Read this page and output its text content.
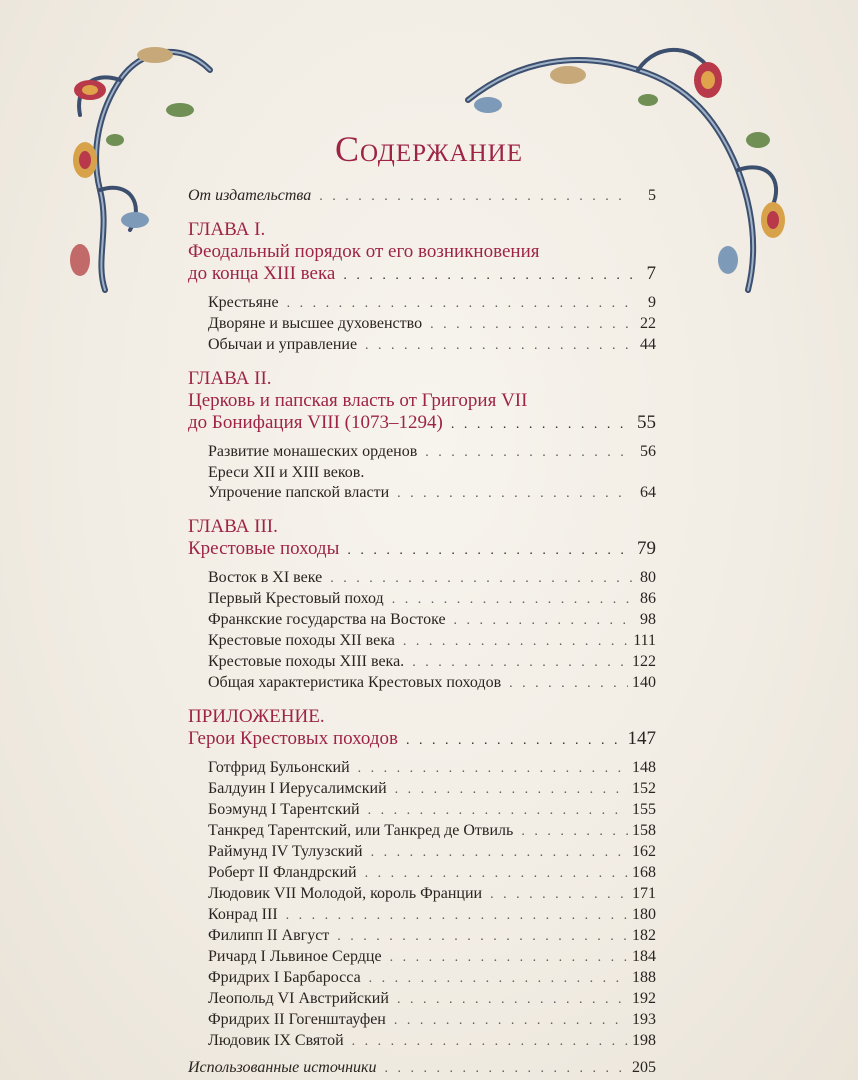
Содержание
От издательства . . .	5
ГЛАВА I.
Феодальный порядок от его возникновения
до конца XIII века . . .	7
Крестьяне . . .	9
Дворяне и высшее духовенство . . .	22
Обычаи и управление . . .	44
ГЛАВА II.
Церковь и папская власть от Григория VII
до Бонифация VIII (1073–1294) . . .	55
Развитие монашеских орденов . . .	56
Ереси XII и XIII веков.
Упрочение папской власти . . .	64
ГЛАВА III.
Крестовые походы . . .	79
Восток в XI веке . . .	80
Первый Крестовый поход . . .	86
Франкские государства на Востоке . . .	98
Крестовые походы XII века . . .	111
Крестовые походы XIII века. . . .	122
Общая характеристика Крестовых походов . . .	140
ПРИЛОЖЕНИЕ.
Герои Крестовых походов . . .	147
Готфрид Бульонский . . .	148
Балдуин I Иерусалимский . . .	152
Боэмунд I Тарентский . . .	155
Танкред Тарентский, или Танкред де Отвиль . . .	158
Раймунд IV Тулузский . . .	162
Роберт II Фландрский . . .	168
Людовик VII Молодой, король Франции . . .	171
Конрад III . . .	180
Филипп II Август . . .	182
Ричард I Львиное Сердце . . .	184
Фридрих I Барбаросса . . .	188
Леопольд VI Австрийский . . .	192
Фридрих II Гогенштауфен . . .	193
Людовик IX Святой . . .	198
Использованные источники . . .	205
